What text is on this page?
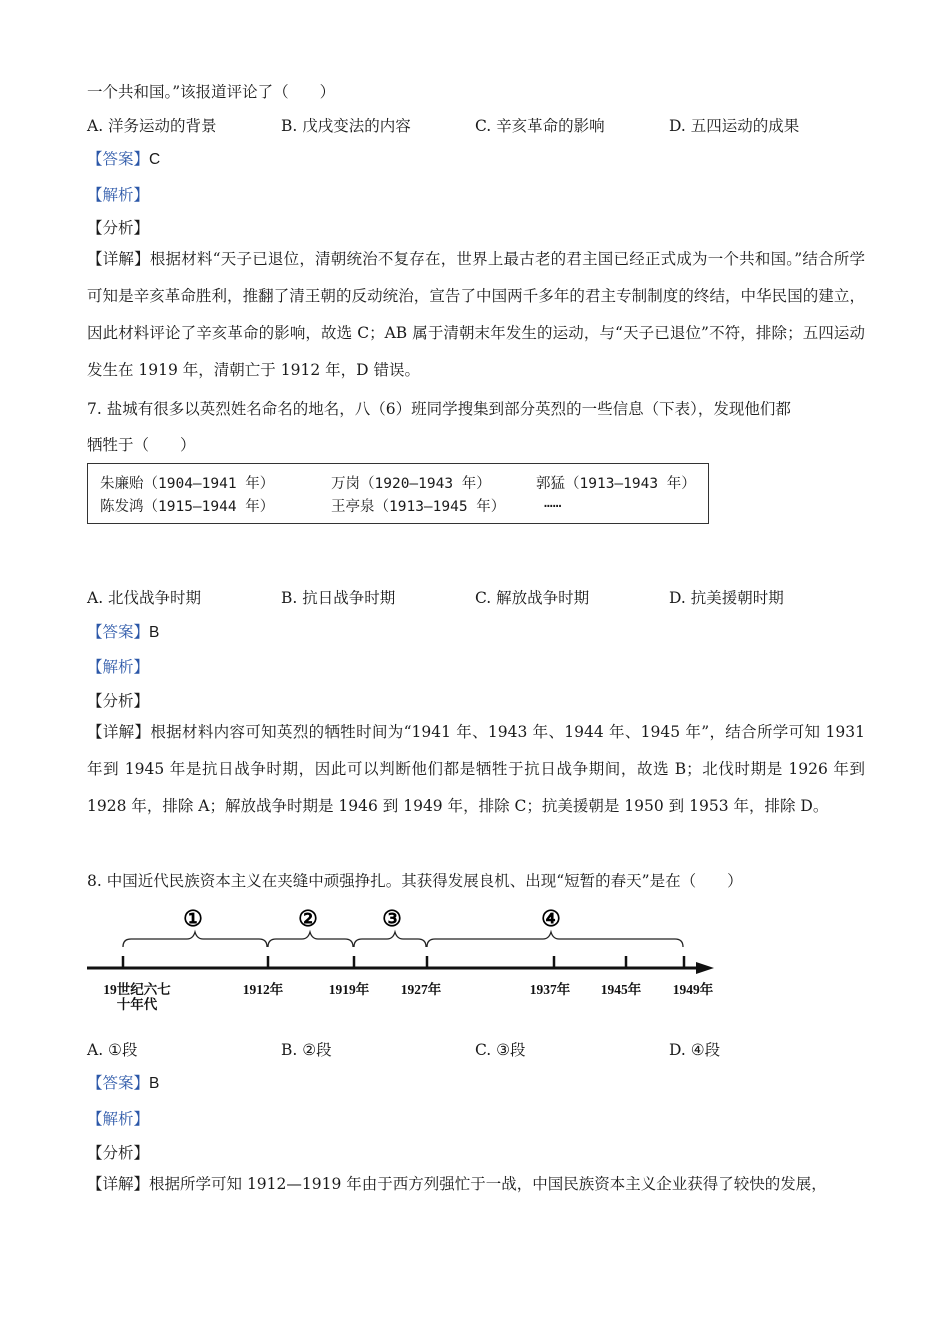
一个共和国。”该报道评论了（　　）
A. 洋务运动的背景	B. 戊戌变法的内容	C. 辛亥革命的影响	D. 五四运动的成果
【答案】C
【解析】
【分析】
【详解】根据材料“天子已退位，清朝统治不复存在，世界上最古老的君主国已经正式成为一个共和国。”结合所学可知是辛亥革命胜利，推翻了清王朝的反动统治，宣告了中国两千多年的君主专制制度的终结，中华民国的建立，因此材料评论了辛亥革命的影响，故选 C；AB 属于清朝末年发生的运动，与“天子已退位”不符，排除；五四运动发生在 1919 年，清朝亡于 1912 年，D 错误。
7. 盐城有很多以英烈姓名命名的地名，八（6）班同学搜集到部分英烈的一些信息（下表），发现他们都
牺牲于（　　）
朱廉贻（1904—1941 年）	万岗（1920—1943 年）	郭猛（1913—1943 年）
陈发鸿（1915—1944 年）	王亭泉（1913—1945 年）	……
A. 北伐战争时期	B. 抗日战争时期	C. 解放战争时期	D. 抗美援朝时期
【答案】B
【解析】
【分析】
【详解】根据材料内容可知英烈的牺牲时间为“1941 年、1943 年、1944 年、1945 年”，结合所学可知 1931 年到 1945 年是抗日战争时期，因此可以判断他们都是牺牲于抗日战争期间，故选 B；北伐时期是 1926 年到 1928 年，排除 A；解放战争时期是 1946 到 1949 年，排除 C；抗美援朝是 1950 到 1953 年，排除 D。
8. 中国近代民族资本主义在夹缝中顽强挣扎。其获得发展良机、出现“短暂的春天”是在（　　）
①	②	③	④
19世纪六七
十年代
1912年	1919年 1927年	1937年 1945年 1949年
A. ①段	B. ②段	C. ③段	D. ④段
【答案】B
【解析】
【分析】
【详解】根据所学可知 1912—1919 年由于西方列强忙于一战，中国民族资本主义企业获得了较快的发展，
